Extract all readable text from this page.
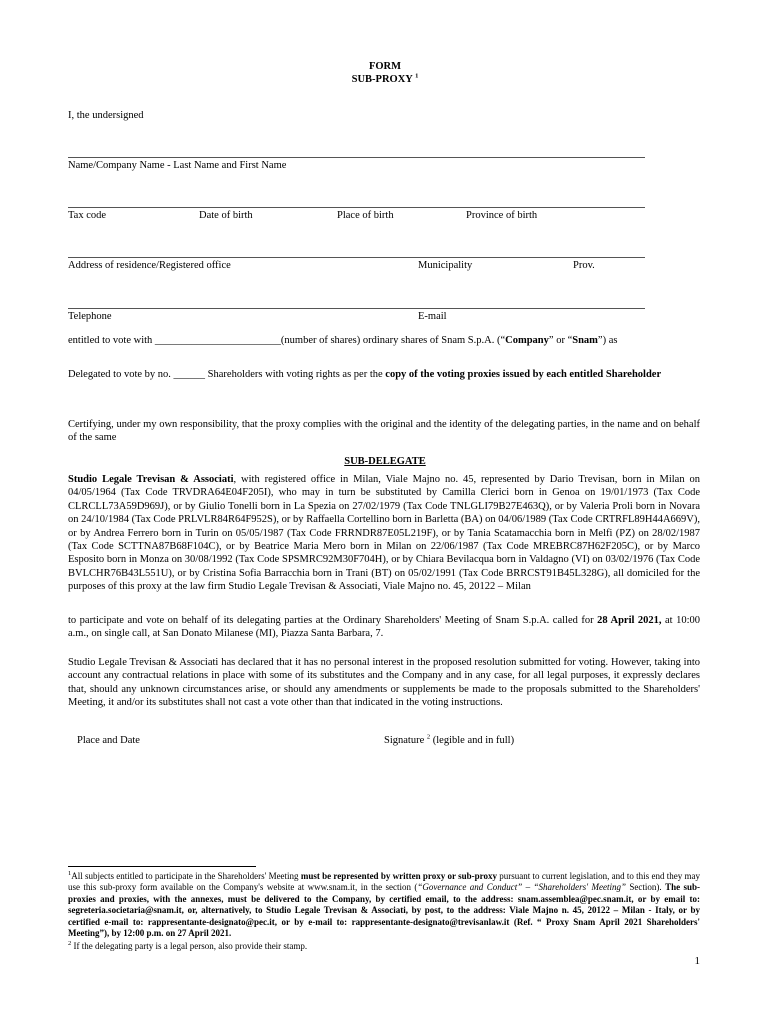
FORM
SUB-PROXY $^1$
I, the undersigned
Name/Company Name - Last Name and First Name
Tax code	Date of birth	Place of birth	Province of birth
Address of residence/Registered office	Municipality	Prov.
Telephone	E-mail
entitled to vote with ________________________(number of shares) ordinary shares of Snam S.p.A. (“Company” or “Snam”) as
Delegated to vote by no. ______ Shareholders with voting rights as per the copy of the voting proxies issued by each entitled Shareholder
Certifying, under my own responsibility, that the proxy complies with the original and the identity of the delegating parties, in the name and on behalf of the same
SUB-DELEGATE
Studio Legale Trevisan & Associati, with registered office in Milan, Viale Majno no. 45, represented by Dario Trevisan, born in Milan on 04/05/1964 (Tax Code TRVDRA64E04F205I), who may in turn be substituted by Camilla Clerici born in Genoa on 19/01/1973 (Tax Code CLRCLL73A59D969J), or by Giulio Tonelli born in La Spezia on 27/02/1979 (Tax Code TNLGLI79B27E463Q), or by Valeria Proli born in Novara on 24/10/1984 (Tax Code PRLVLR84R64F952S), or by Raffaella Cortellino born in Barletta (BA) on 04/06/1989 (Tax Code CRTRFL89H44A669V), or by Andrea Ferrero born in Turin on 05/05/1987 (Tax Code FRRNDR87E05L219F), or by Tania Scatamacchia born in Melfi (PZ) on 28/02/1987 (Tax Code SCTTNA87B68F104C), or by Beatrice Maria Mero born in Milan on 22/06/1987 (Tax Code MREBRC87H62F205C), or by Marco Esposito born in Monza on 30/08/1992 (Tax Code SPSMRC92M30F704H), or by Chiara Bevilacqua born in Valdagno (VI) on 03/02/1976 (Tax Code BVLCHR76B43L551U), or by Cristina Sofia Barracchia born in Trani (BT) on 05/02/1991 (Tax Code BRRCST91B45L328G), all domiciled for the purposes of this proxy at the law firm Studio Legale Trevisan & Associati, Viale Majno no. 45, 20122 – Milan
to participate and vote on behalf of its delegating parties at the Ordinary Shareholders' Meeting of Snam S.p.A. called for 28 April 2021, at 10:00 a.m., on single call, at San Donato Milanese (MI), Piazza Santa Barbara, 7.
Studio Legale Trevisan & Associati has declared that it has no personal interest in the proposed resolution submitted for voting. However, taking into account any contractual relations in place with some of its substitutes and the Company and in any case, for all legal purposes, it expressly declares that, should any unknown circumstances arise, or should any amendments or supplements be made to the proposals submitted to the Shareholders' Meeting, it and/or its substitutes shall not cast a vote other than that indicated in the voting instructions.
Place and Date	Signature $^2$ (legible and in full)
$^1$All subjects entitled to participate in the Shareholders' Meeting must be represented by written proxy or sub-proxy pursuant to current legislation, and to this end they may use this sub-proxy form available on the Company's website at www.snam.it, in the section (“Governance and Conduct” – “Shareholders' Meeting” Section). The sub-proxies and proxies, with the annexes, must be delivered to the Company, by certified email, to the address: snam.assemblea@pec.snam.it, or by email to: segreteria.societaria@snam.it, or, alternatively, to Studio Legale Trevisan & Associati, by post, to the address: Viale Majno n. 45, 20122 – Milan - Italy, or by certified e-mail to: rappresentante-designato@pec.it, or by e-mail to: rappresentante-designato@trevisanlaw.it (Ref. “ Proxy Snam April 2021 Shareholders' Meeting”), by 12:00 p.m. on 27 April 2021.
$^2$ If the delegating party is a legal person, also provide their stamp.
1
